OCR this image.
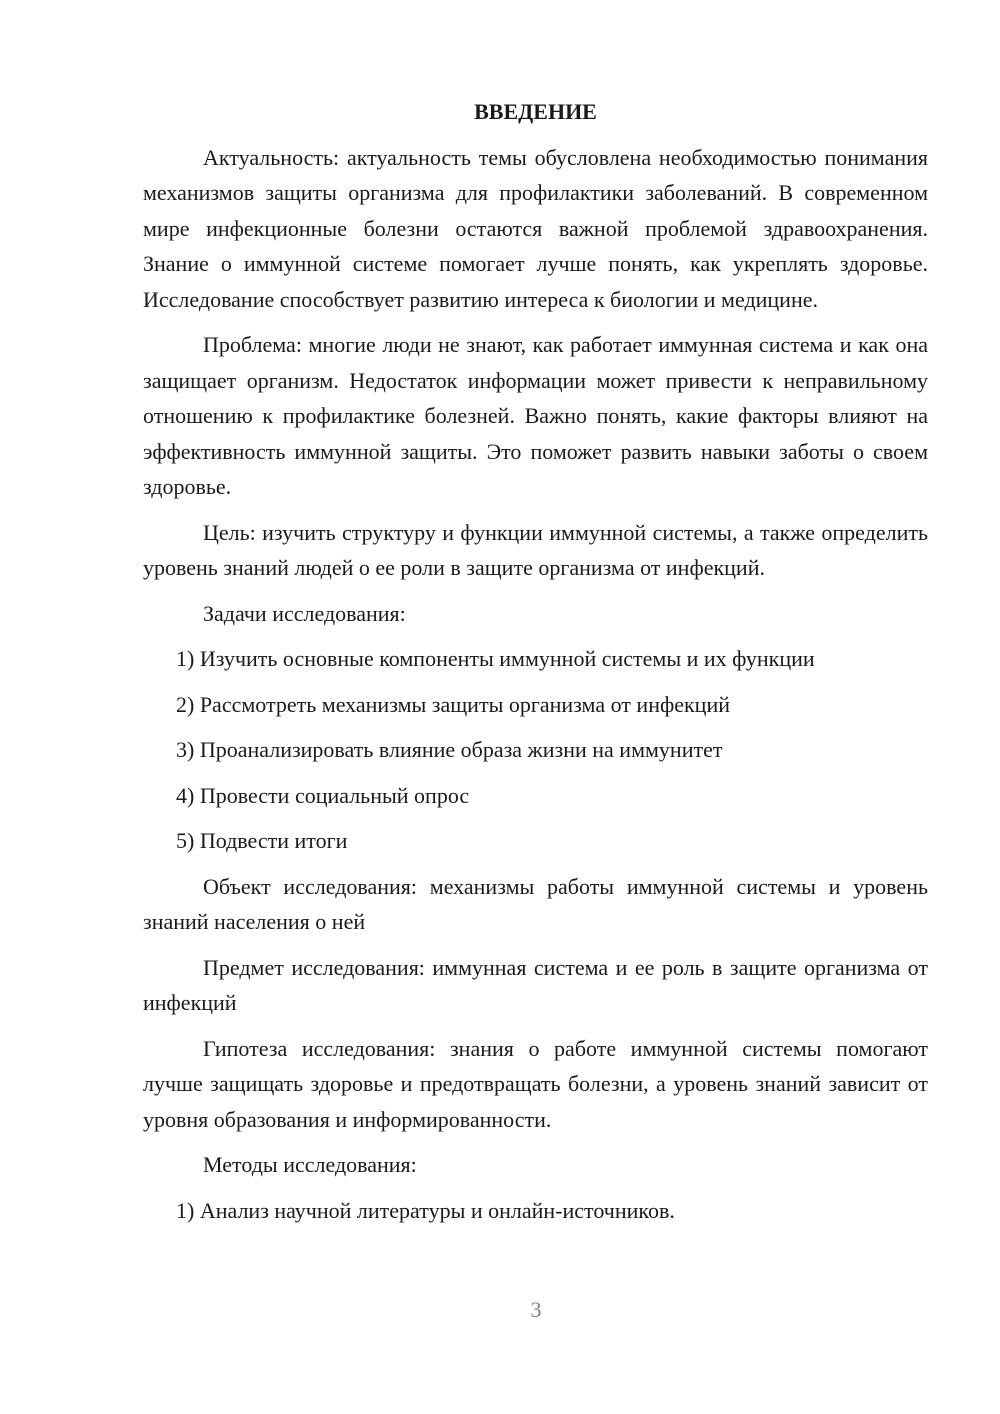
ВВЕДЕНИЕ
Актуальность: актуальность темы обусловлена необходимостью понимания механизмов защиты организма для профилактики заболеваний. В современном мире инфекционные болезни остаются важной проблемой здравоохранения. Знание о иммунной системе помогает лучше понять, как укреплять здоровье. Исследование способствует развитию интереса к биологии и медицине.
Проблема: многие люди не знают, как работает иммунная система и как она защищает организм. Недостаток информации может привести к неправильному отношению к профилактике болезней. Важно понять, какие факторы влияют на эффективность иммунной защиты. Это поможет развить навыки заботы о своем здоровье.
Цель: изучить структуру и функции иммунной системы, а также определить уровень знаний людей о ее роли в защите организма от инфекций.
Задачи исследования:
1) Изучить основные компоненты иммунной системы и их функции
2) Рассмотреть механизмы защиты организма от инфекций
3) Проанализировать влияние образа жизни на иммунитет
4) Провести социальный опрос
5) Подвести итоги
Объект исследования: механизмы работы иммунной системы и уровень знаний населения о ней
Предмет исследования: иммунная система и ее роль в защите организма от инфекций
Гипотеза исследования: знания о работе иммунной системы помогают лучше защищать здоровье и предотвращать болезни, а уровень знаний зависит от уровня образования и информированности.
Методы исследования:
1) Анализ научной литературы и онлайн-источников.
3
